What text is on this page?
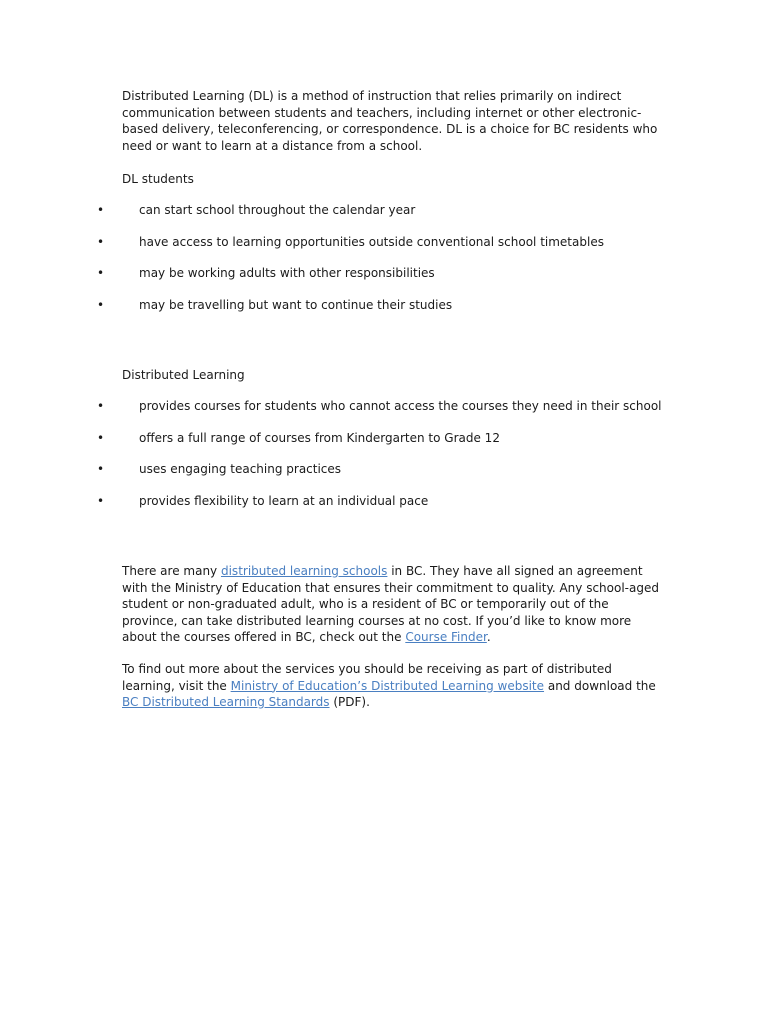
Distributed Learning (DL) is a method of instruction that relies primarily on indirect communication between students and teachers, including internet or other electronic-based delivery, teleconferencing, or correspondence. DL is a choice for BC residents who need or want to learn at a distance from a school.

DL students

•	can start school throughout the calendar year
•	have access to learning opportunities outside conventional school timetables
•	may be working adults with other responsibilities
•	may be travelling but want to continue their studies

Distributed Learning

•	provides courses for students who cannot access the courses they need in their school
•	offers a full range of courses from Kindergarten to Grade 12
•	uses engaging teaching practices
•	provides flexibility to learn at an individual pace

There are many distributed learning schools in BC. They have all signed an agreement with the Ministry of Education that ensures their commitment to quality. Any school-aged student or non-graduated adult, who is a resident of BC or temporarily out of the province, can take distributed learning courses at no cost. If you’d like to know more about the courses offered in BC, check out the Course Finder.

To find out more about the services you should be receiving as part of distributed learning, visit the Ministry of Education’s Distributed Learning website and download the BC Distributed Learning Standards (PDF).
